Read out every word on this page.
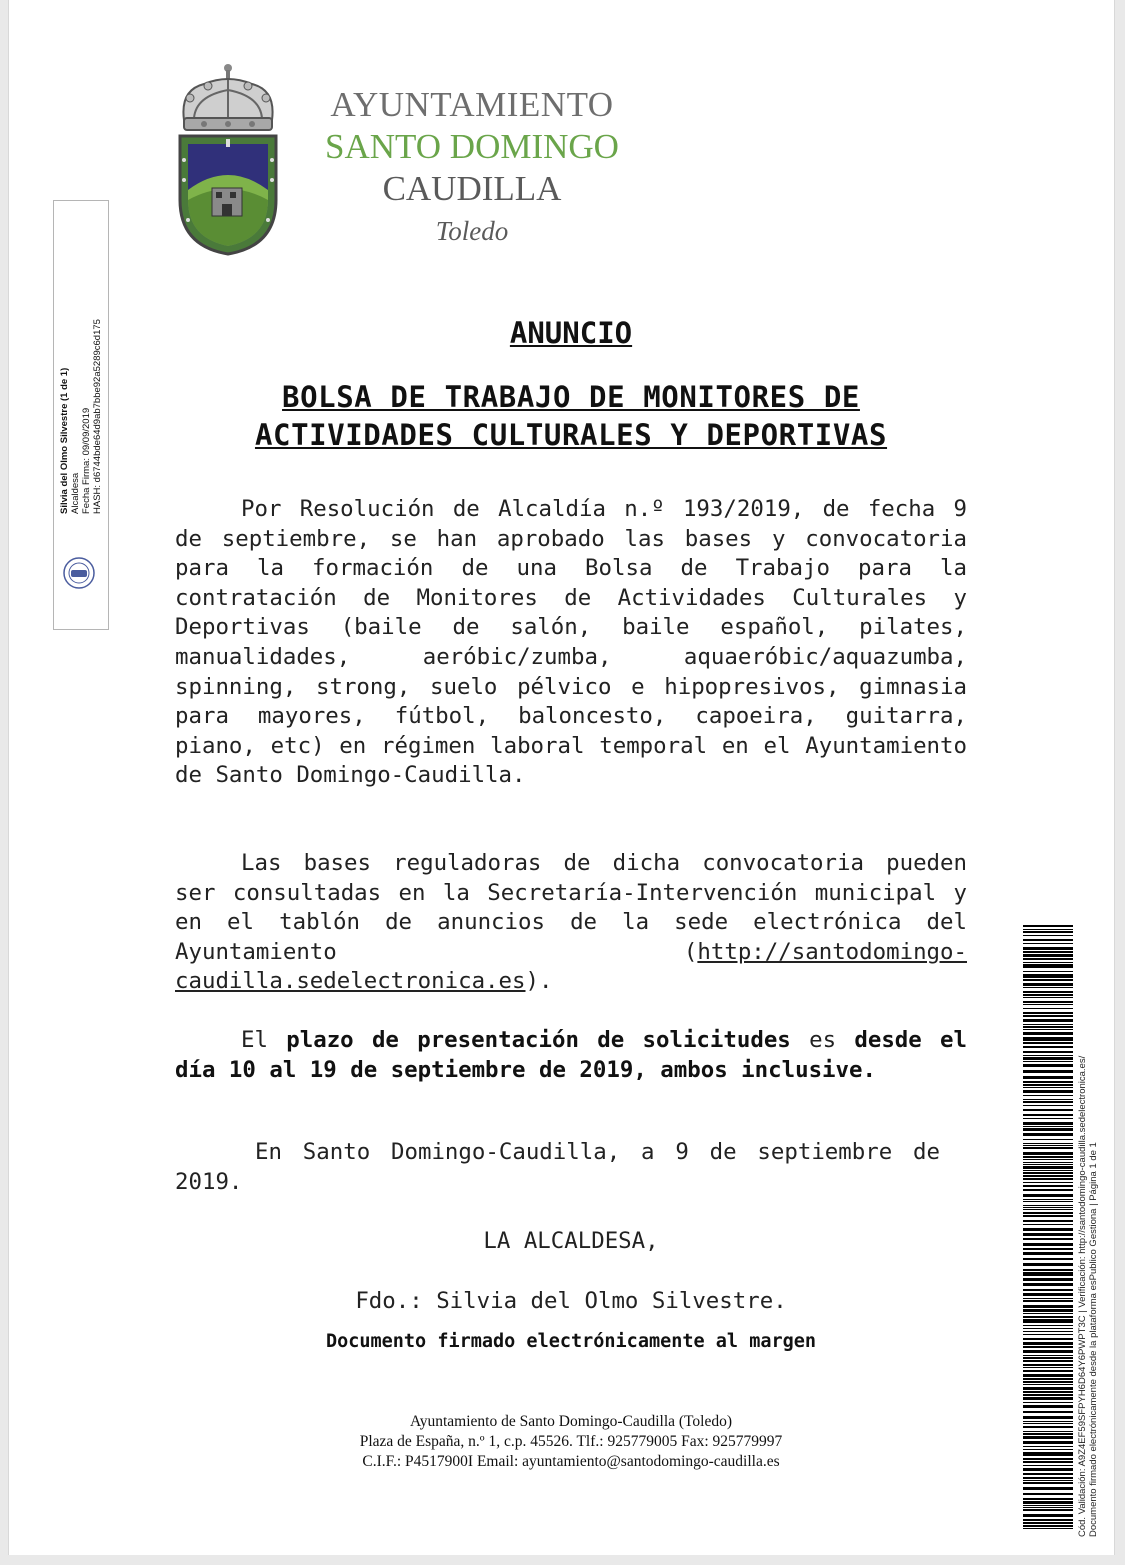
AYUNTAMIENTO
SANTO DOMINGO
CAUDILLA
Toledo
Silvia del Olmo Silvestre (1 de 1) Alcaldesa Fecha Firma: 09/09/2019 HASH: d6744bde64d9ab7bbe92a5289c6d175	ANUNCIO
BOLSA DE TRABAJO DE MONITORES DE
ACTIVIDADES CULTURALES Y DEPORTIVAS
Por Resolución de Alcaldía n.º 193/2019, de fecha 9 de septiembre, se han aprobado las bases y convocatoria para la formación de una Bolsa de Trabajo para la contratación de Monitores de Actividades Culturales y Deportivas (baile de salón, baile español, pilates, manualidades, aeróbic/zumba, aquaeróbic/aquazumba, spinning, strong, suelo pélvico e hipopresivos, gimnasia para mayores, fútbol, baloncesto, capoeira, guitarra, piano, etc) en régimen laboral temporal en el Ayuntamiento de Santo Domingo-Caudilla.
Las bases reguladoras de dicha convocatoria pueden ser consultadas en la Secretaría-Intervención municipal y en el tablón de anuncios de la sede electrónica del Ayuntamiento (http://santodomingo-caudilla.sedelectronica.es).
El plazo de presentación de solicitudes es desde el día 10 al 19 de septiembre de 2019, ambos inclusive.
En Santo Domingo-Caudilla, a 9 de septiembre de 2019.
LA ALCALDESA,
Fdo.: Silvia del Olmo Silvestre.
Documento firmado electrónicamente al margen
Ayuntamiento de Santo Domingo-Caudilla (Toledo)
Plaza de España, n.º 1, c.p. 45526. Tlf.: 925779005 Fax: 925779997
C.I.F.: P4517900I Email: ayuntamiento@santodomingo-caudilla.es	Cód. Validación: A9Z4EF59SFPYH6D64Y6PWPT3C | Verificación: http://santodomingo-caudilla.sedelectronica.es/ Documento firmado electrónicamente desde la plataforma esPublico Gestiona | Página 1 de 1
